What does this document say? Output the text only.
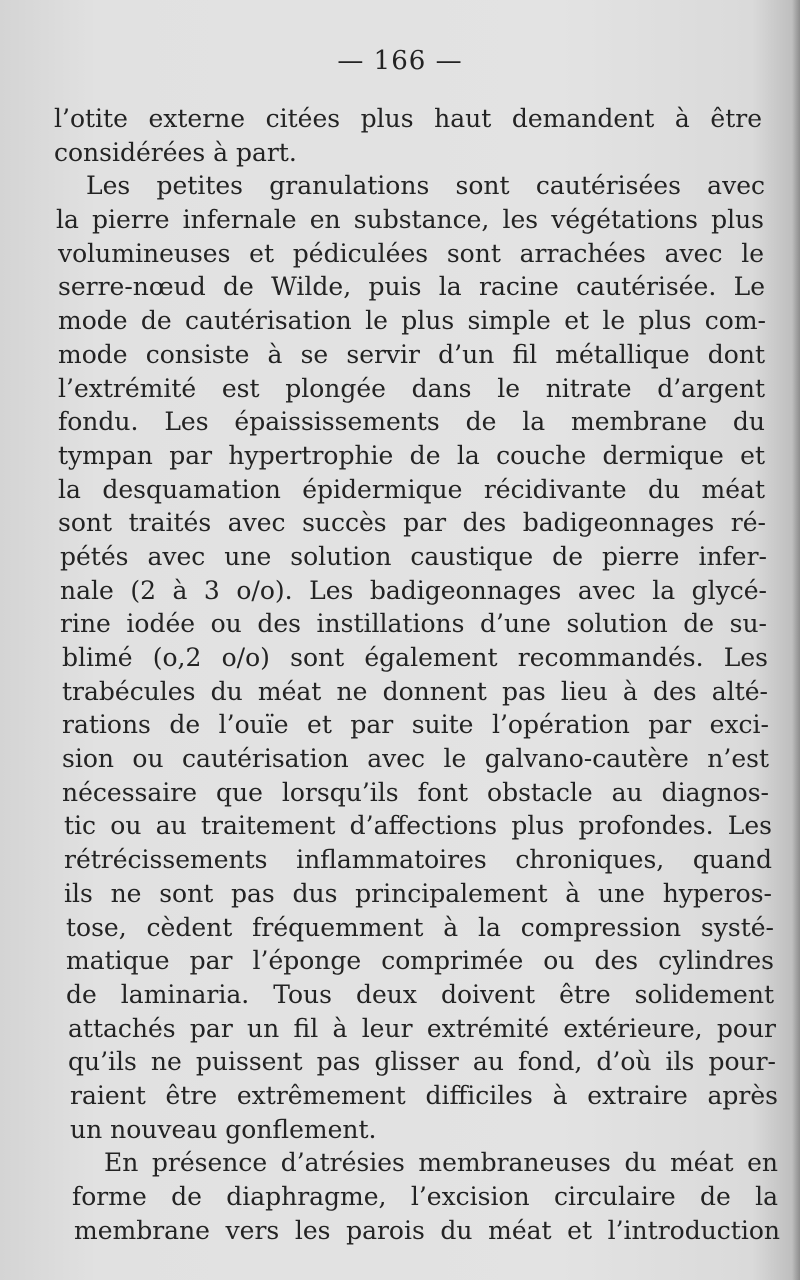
— 166 —
l’otite externe citées plus haut demandent à être
considérées à part.
Les petites granulations sont cautérisées avec
la pierre infernale en substance, les végétations plus
volumineuses et pédiculées sont arrachées avec le
serre-nœud de Wilde, puis la racine cautérisée. Le
mode de cautérisation le plus simple et le plus com-
mode consiste à se servir d’un fil métallique dont
l’extrémité est plongée dans le nitrate d’argent
fondu. Les épaississements de la membrane du
tympan par hypertrophie de la couche dermique et
la desquamation épidermique récidivante du méat
sont traités avec succès par des badigeonnages ré-
pétés avec une solution caustique de pierre infer-
nale (2 à 3 o/o). Les badigeonnages avec la glycé-
rine iodée ou des instillations d’une solution de su-
blimé (o,2 o/o) sont également recommandés. Les
trabécules du méat ne donnent pas lieu à des alté-
rations de l’ouïe et par suite l’opération par exci-
sion ou cautérisation avec le galvano-cautère n’est
nécessaire que lorsqu’ils font obstacle au diagnos-
tic ou au traitement d’affections plus profondes. Les
rétrécissements inflammatoires chroniques, quand
ils ne sont pas dus principalement à une hyperos-
tose, cèdent fréquemment à la compression systé-
matique par l’éponge comprimée ou des cylindres
de laminaria. Tous deux doivent être solidement
attachés par un fil à leur extrémité extérieure, pour
qu’ils ne puissent pas glisser au fond, d’où ils pour-
raient être extrêmement difficiles à extraire après
un nouveau gonflement.
En présence d’atrésies membraneuses du méat en
forme de diaphragme, l’excision circulaire de la
membrane vers les parois du méat et l’introduction
